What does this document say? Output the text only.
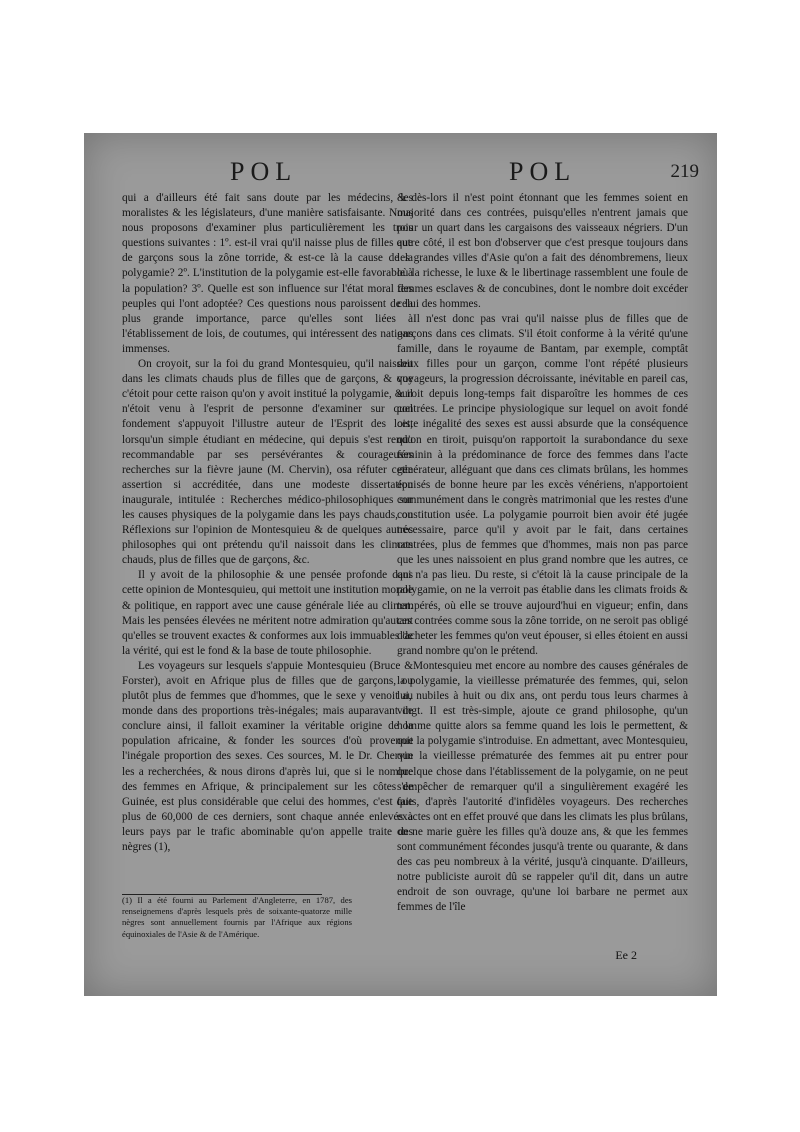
POL	POL	219

qui a d'ailleurs été fait sans doute par les médecins, les moralistes & les législateurs, d'une manière satisfaisante. Nous nous proposons d'examiner plus particulièrement les trois questions suivantes : 1º. est-il vrai qu'il naisse plus de filles que de garçons sous la zône torride, & est-ce là la cause de la polygamie? 2º. L'institution de la polygamie est-elle favorable à la population? 3º. Quelle est son influence sur l'état moral des peuples qui l'ont adoptée? Ces questions nous paroissent de la plus grande importance, parce qu'elles sont liées à l'établissement de lois, de coutumes, qui intéressent des nations immenses.

On croyoit, sur la foi du grand Montesquieu, qu'il naissoit dans les climats chauds plus de filles que de garçons, & que c'étoit pour cette raison qu'on y avoit institué la polygamie, & il n'étoit venu à l'esprit de personne d'examiner sur quel fondement s'appuyoit l'illustre auteur de l'Esprit des lois, lorsqu'un simple étudiant en médecine, qui depuis s'est rendu recommandable par ses persévérantes & courageuses recherches sur la fièvre jaune (M. Chervin), osa réfuter cette assertion si accréditée, dans une modeste dissertation inaugurale, intitulée : Recherches médico-philosophiques sur les causes physiques de la polygamie dans les pays chauds, ou Réflexions sur l'opinion de Montesquieu & de quelques autres philosophes qui ont prétendu qu'il naissoit dans les climats chauds, plus de filles que de garçons, &c.

Il y avoit de la philosophie & une pensée profonde dans cette opinion de Montesquieu, qui mettoit une institution morale & politique, en rapport avec une cause générale liée au climat. Mais les pensées élevées ne méritent notre admiration qu'autant qu'elles se trouvent exactes & conformes aux lois immuables de la vérité, qui est le fond & la base de toute philosophie.

Les voyageurs sur lesquels s'appuie Montesquieu (Bruce & Forster), avoit en Afrique plus de filles que de garçons, ou plutôt plus de femmes que d'hommes, que le sexe y venoit au monde dans des proportions très-inégales; mais auparavant de conclure ainsi, il falloit examiner la véritable origine de la population africaine, & fonder les sources d'où provenoit l'inégale proportion des sexes. Ces sources, M. le Dr. Chervin les a recherchées, & nous dirons d'après lui, que si le nombre des femmes en Afrique, & principalement sur les côtes de Guinée, est plus considérable que celui des hommes, c'est que plus de 60,000 de ces derniers, sont chaque année enlevés à leurs pays par le trafic abominable qu'on appelle traite des nègres (1),

& dès-lors il n'est point étonnant que les femmes soient en majorité dans ces contrées, puisqu'elles n'entrent jamais que pour un quart dans les cargaisons des vaisseaux négriers. D'un autre côté, il est bon d'observer que c'est presque toujours dans les grandes villes d'Asie qu'on a fait des dénombremens, lieux où la richesse, le luxe & le libertinage rassemblent une foule de femmes esclaves & de concubines, dont le nombre doit excéder celui des hommes.

Il n'est donc pas vrai qu'il naisse plus de filles que de garçons dans ces climats. S'il étoit conforme à la vérité qu'une famille, dans le royaume de Bantam, par exemple, comptât deux filles pour un garçon, comme l'ont répété plusieurs voyageurs, la progression décroissante, inévitable en pareil cas, auroit depuis long-temps fait disparoître les hommes de ces contrées. Le principe physiologique sur lequel on avoit fondé cette inégalité des sexes est aussi absurde que la conséquence qu'on en tiroit, puisqu'on rapportoit la surabondance du sexe féminin à la prédominance de force des femmes dans l'acte générateur, alléguant que dans ces climats brûlans, les hommes épuisés de bonne heure par les excès vénériens, n'apportoient communément dans le congrès matrimonial que les restes d'une constitution usée. La polygamie pourroit bien avoir été jugée nécessaire, parce qu'il y avoit par le fait, dans certaines contrées, plus de femmes que d'hommes, mais non pas parce que les unes naissoient en plus grand nombre que les autres, ce qui n'a pas lieu. Du reste, si c'étoit là la cause principale de la polygamie, on ne la verroit pas établie dans les climats froids & tempérés, où elle se trouve aujourd'hui en vigueur; enfin, dans ces contrées comme sous la zône torride, on ne seroit pas obligé d'acheter les femmes qu'on veut épouser, si elles étoient en aussi grand nombre qu'on le prétend.

Montesquieu met encore au nombre des causes générales de la polygamie, la vieillesse prématurée des femmes, qui, selon lui, nubiles à huit ou dix ans, ont perdu tous leurs charmes à vingt. Il est très-simple, ajoute ce grand philosophe, qu'un homme quitte alors sa femme quand les lois le permettent, & que la polygamie s'introduise. En admettant, avec Montesquieu, que la vieillesse prématurée des femmes ait pu entrer pour quelque chose dans l'établissement de la polygamie, on ne peut s'empêcher de remarquer qu'il a singulièrement exagéré les faits, d'après l'autorité d'infidèles voyageurs. Des recherches exactes ont en effet prouvé que dans les climats les plus brûlans, on ne marie guère les filles qu'à douze ans, & que les femmes sont communément fécondes jusqu'à trente ou quarante, & dans des cas peu nombreux à la vérité, jusqu'à cinquante. D'ailleurs, notre publiciste auroit dû se rappeler qu'il dit, dans un autre endroit de son ouvrage, qu'une loi barbare ne permet aux femmes de l'île

(1) Il a été fourni au Parlement d'Angleterre, en 1787, des renseignemens d'après lesquels près de soixante-quatorze mille nègres sont annuellement fournis par l'Afrique aux régions équinoxiales de l'Asie & de l'Amérique.
Ee 2
